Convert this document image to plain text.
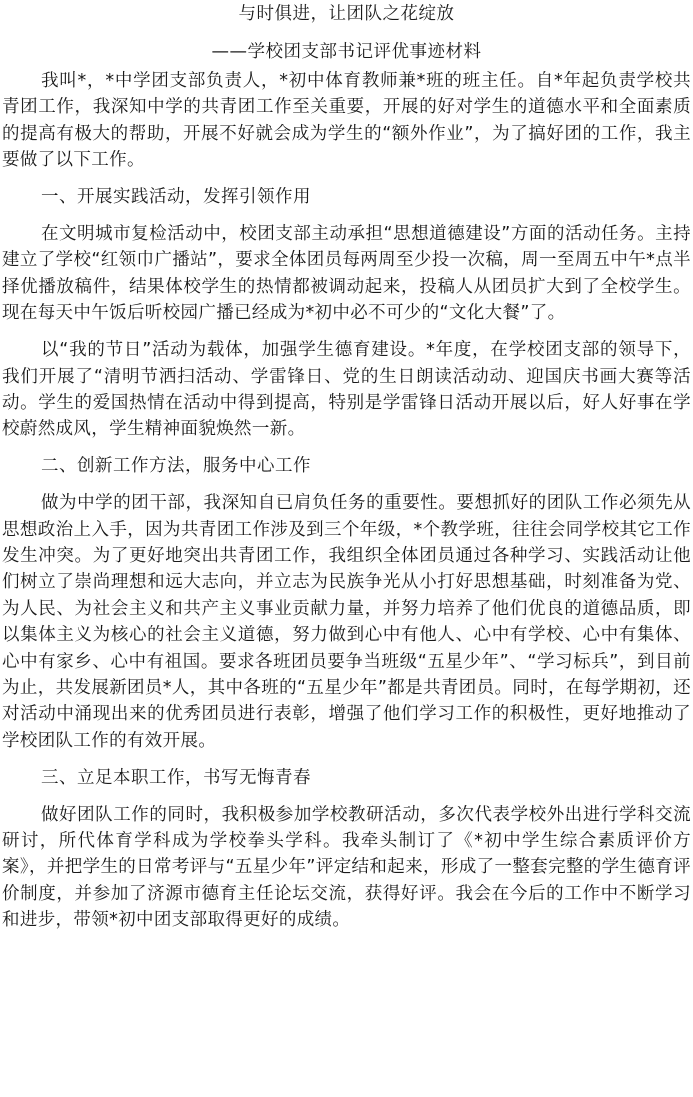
与时俱进，让团队之花绽放
——学校团支部书记评优事迹材料

我叫*，*中学团支部负责人，*初中体育教师兼*班的班主任。自*年起负责学校共青团工作，我深知中学的共青团工作至关重要，开展的好对学生的道德水平和全面素质的提高有极大的帮助，开展不好就会成为学生的“额外作业”，为了搞好团的工作，我主要做了以下工作。

一、开展实践活动，发挥引领作用

在文明城市复检活动中，校团支部主动承担“思想道德建设”方面的活动任务。主持建立了学校“红领巾广播站”，要求全体团员每两周至少投一次稿，周一至周五中午*点半择优播放稿件，结果体校学生的热情都被调动起来，投稿人从团员扩大到了全校学生。现在每天中午饭后听校园广播已经成为*初中必不可少的“文化大餐”了。

以“我的节日”活动为载体，加强学生德育建设。*年度，在学校团支部的领导下，我们开展了“清明节洒扫活动、学雷锋日、党的生日朗读活动动、迎国庆书画大赛等活动。学生的爱国热情在活动中得到提高，特别是学雷锋日活动开展以后，好人好事在学校蔚然成风，学生精神面貌焕然一新。

二、创新工作方法，服务中心工作

做为中学的团干部，我深知自已肩负任务的重要性。要想抓好的团队工作必须先从思想政治上入手，因为共青团工作涉及到三个年级，*个教学班，往往会同学校其它工作发生冲突。为了更好地突出共青团工作，我组织全体团员通过各种学习、实践活动让他们树立了崇尚理想和远大志向，并立志为民族争光从小打好思想基础，时刻准备为党、为人民、为社会主义和共产主义事业贡献力量，并努力培养了他们优良的道德品质，即以集体主义为核心的社会主义道德，努力做到心中有他人、心中有学校、心中有集体、心中有家乡、心中有祖国。要求各班团员要争当班级“五星少年”、“学习标兵”，到目前为止，共发展新团员*人，其中各班的“五星少年”都是共青团员。同时，在每学期初，还对活动中涌现出来的优秀团员进行表彰，增强了他们学习工作的积极性，更好地推动了学校团队工作的有效开展。

三、立足本职工作，书写无悔青春

做好团队工作的同时，我积极参加学校教研活动，多次代表学校外出进行学科交流研讨，所代体育学科成为学校拳头学科。我牵头制订了《*初中学生综合素质评价方案》，并把学生的日常考评与“五星少年”评定结和起来，形成了一整套完整的学生德育评价制度，并参加了济源市德育主任论坛交流，获得好评。我会在今后的工作中不断学习和进步，带领*初中团支部取得更好的成绩。
